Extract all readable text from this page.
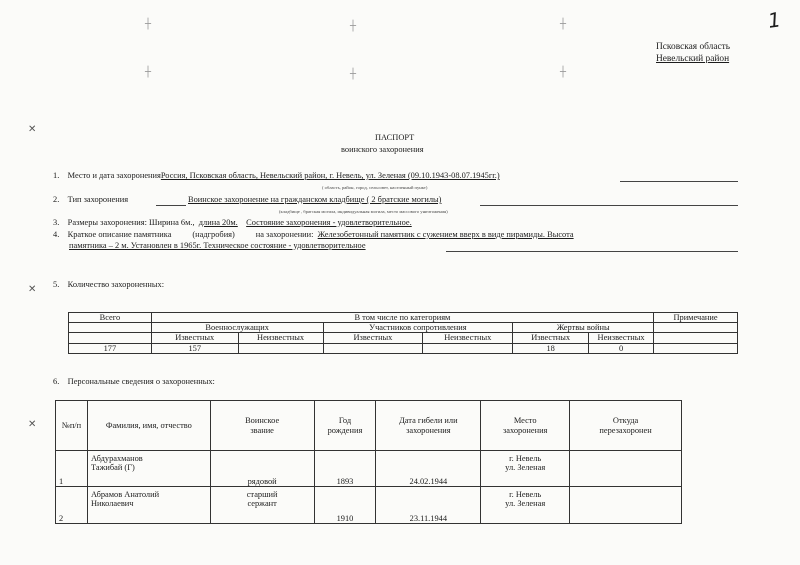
1
┼	┼	┼
┼	┼	┼
✕
✕
✕
Псковская область
Невельский район
ПАСПОРТ
воинского захоронения
1. Место и дата захороненияРоссия, Псковская область, Невельский район, г. Невель, ул. Зеленая (09.10.1943-08.07.1945гг.)
( область, район, город, сельсовет, населенный пункт)
2. Тип захоронения	Воинское захоронение на гражданском кладбище ( 2 братские могилы)
(кладбище , братская могила, индивидуальная могила, место массового уничтожения)
3. Размеры захоронения: Ширина 6м., длина 20м. Состояние захоронения - удовлетворительное.
4. Краткое описание памятника          (надгробия)          на захоронении: Железобетонный памятник с сужением вверх в виде пирамиды. Высота
памятника – 2 м. Установлен в 1965г. Техническое состояние - удовлетворительное
5. Количество захороненных:
Всего	В том числе по категориям						Примечание
	Военнослужащих		Участников сопротивления		Жертвы войны		
	Известных	Неизвестных	Известных	Неизвестных	Известных	Неизвестных	
177	157				18	0	
6. Персональные сведения о захороненных:
№п/п	Фамилия, имя, отчество	Воинское
звание	Год
рождения	Дата гибели или
захоронения	Место
захоронения	Откуда
перезахоронен
1	Абдурахманов
Тажибай (Г)	рядовой	1893	24.02.1944	г. Невель
ул. Зеленая	
2	Абрамов Анатолий
Николаевич	старший
сержант	1910	23.11.1944	г. Невель
ул. Зеленая	
